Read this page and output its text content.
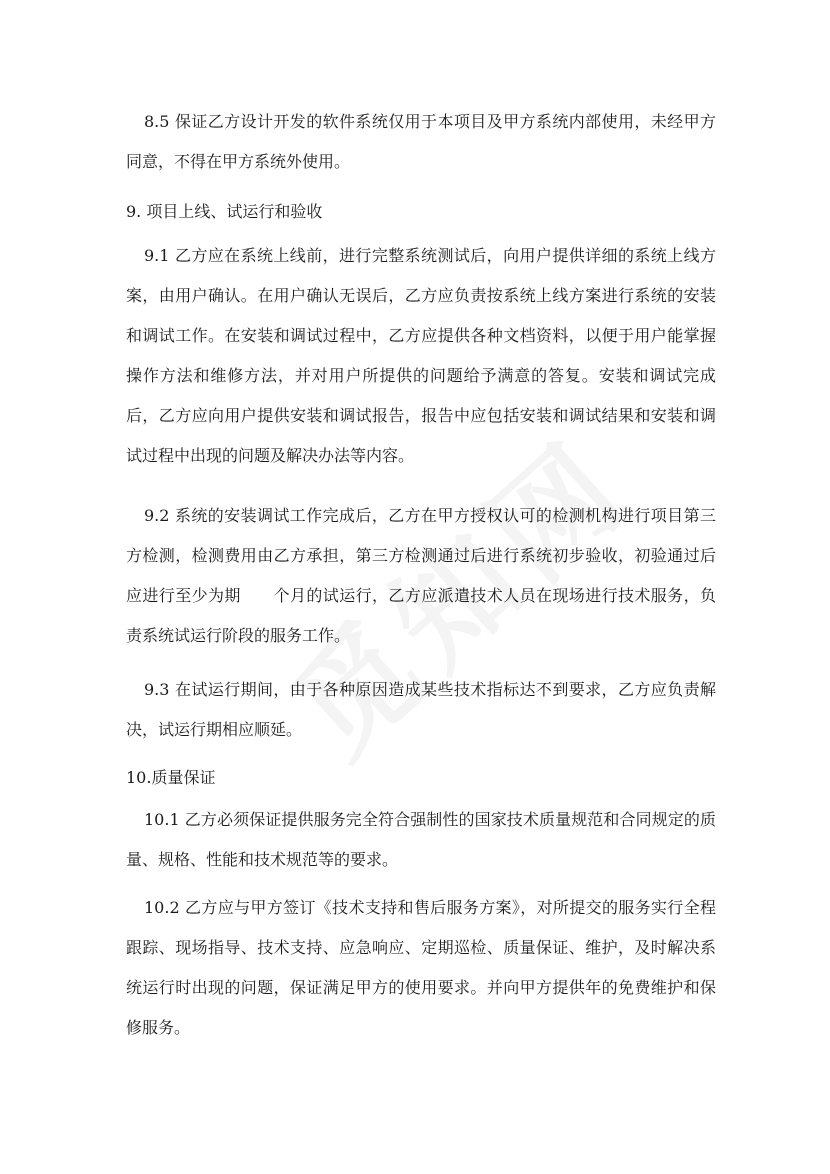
8.5 保证乙方设计开发的软件系统仅用于本项目及甲方系统内部使用，未经甲方同意，不得在甲方系统外使用。
9. 项目上线、试运行和验收
9.1 乙方应在系统上线前，进行完整系统测试后，向用户提供详细的系统上线方案，由用户确认。在用户确认无误后，乙方应负责按系统上线方案进行系统的安装和调试工作。在安装和调试过程中，乙方应提供各种文档资料，以便于用户能掌握操作方法和维修方法，并对用户所提供的问题给予满意的答复。安装和调试完成后，乙方应向用户提供安装和调试报告，报告中应包括安装和调试结果和安装和调试过程中出现的问题及解决办法等内容。
9.2 系统的安装调试工作完成后，乙方在甲方授权认可的检测机构进行项目第三方检测，检测费用由乙方承担，第三方检测通过后进行系统初步验收，初验通过后应进行至少为期　　个月的试运行，乙方应派遣技术人员在现场进行技术服务，负责系统试运行阶段的服务工作。
9.3 在试运行期间，由于各种原因造成某些技术指标达不到要求，乙方应负责解决，试运行期相应顺延。
10.质量保证
10.1 乙方必须保证提供服务完全符合强制性的国家技术质量规范和合同规定的质量、规格、性能和技术规范等的要求。
10.2 乙方应与甲方签订《技术支持和售后服务方案》，对所提交的服务实行全程跟踪、现场指导、技术支持、应急响应、定期巡检、质量保证、维护，及时解决系统运行时出现的问题，保证满足甲方的使用要求。并向甲方提供年的免费维护和保修服务。
